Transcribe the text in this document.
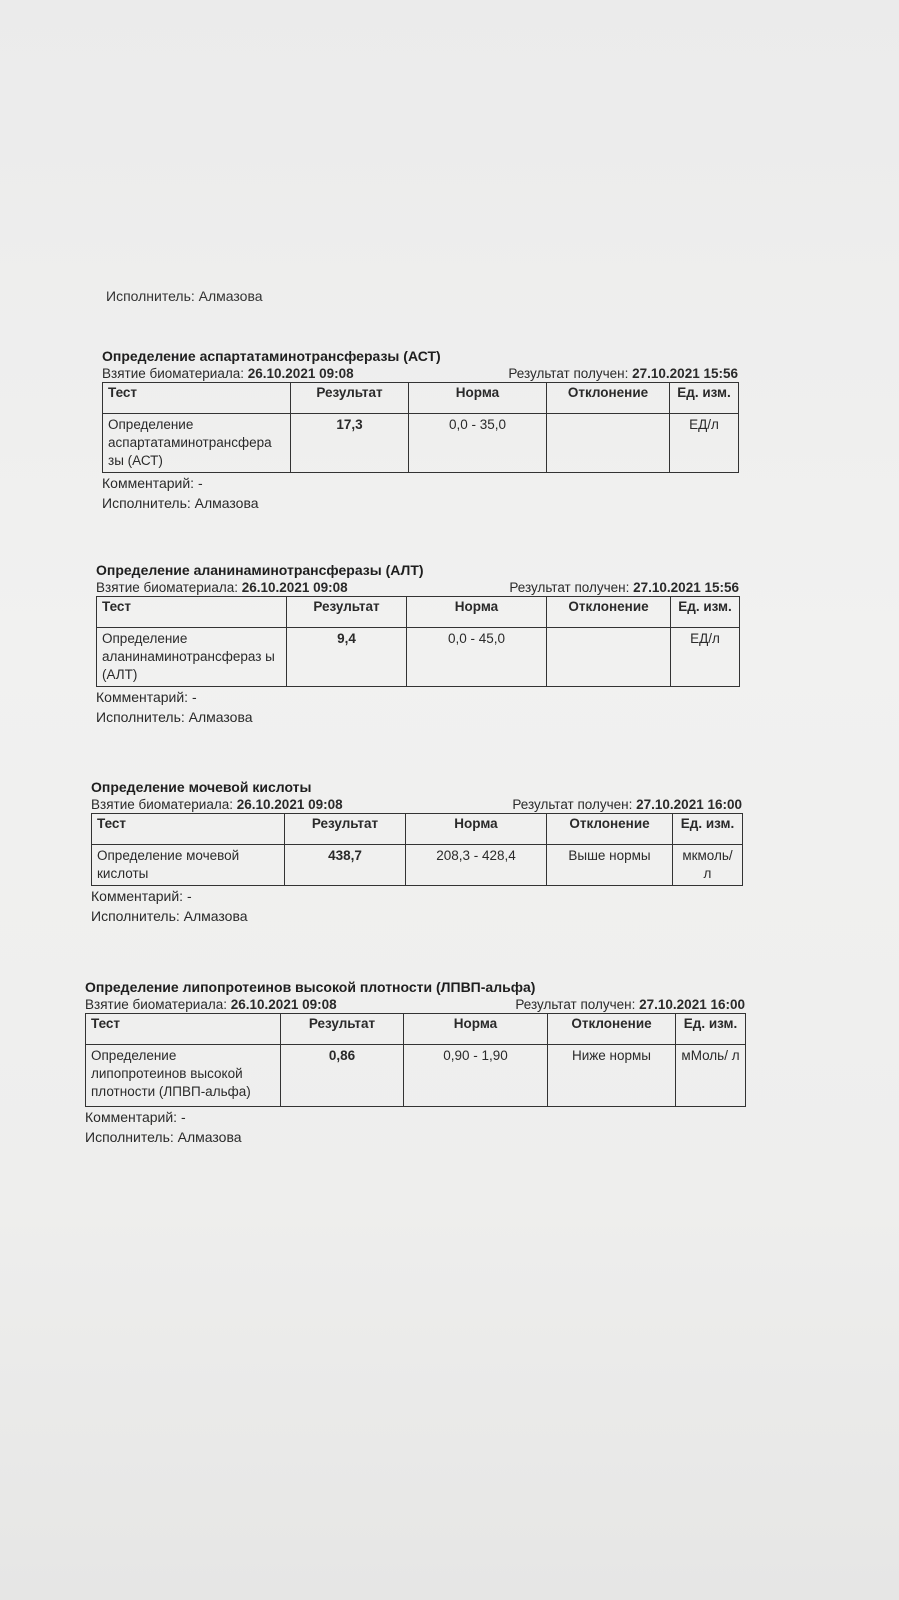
Исполнитель: Алмазова
Определение аспартатаминотрансферазы (АСТ)
Взятие биоматериала: 26.10.2021 09:08	Результат получен: 27.10.2021 15:56
Тест	Результат	Норма	Отклонение	Ед. изм.
Определение аспартатаминотрансфера зы (АСТ)	17,3	0,0 - 35,0		ЕД/л
Комментарий: -
Исполнитель: Алмазова
Определение аланинаминотрансферазы (АЛТ)
Взятие биоматериала: 26.10.2021 09:08	Результат получен: 27.10.2021 15:56
Тест	Результат	Норма	Отклонение	Ед. изм.
Определение аланинаминотрансфераз ы (АЛТ)	9,4	0,0 - 45,0		ЕД/л
Комментарий: -
Исполнитель: Алмазова
Определение мочевой кислоты
Взятие биоматериала: 26.10.2021 09:08	Результат получен: 27.10.2021 16:00
Тест	Результат	Норма	Отклонение	Ед. изм.
Определение мочевой кислоты	438,7	208,3 - 428,4	Выше нормы	мкмоль/ л
Комментарий: -
Исполнитель: Алмазова
Определение липопротеинов высокой плотности (ЛПВП-альфа)
Взятие биоматериала: 26.10.2021 09:08	Результат получен: 27.10.2021 16:00
Тест	Результат	Норма	Отклонение	Ед. изм.
Определение липопротеинов высокой плотности (ЛПВП-альфа)	0,86	0,90 - 1,90	Ниже нормы	мМоль/ л
Комментарий: -
Исполнитель: Алмазова
